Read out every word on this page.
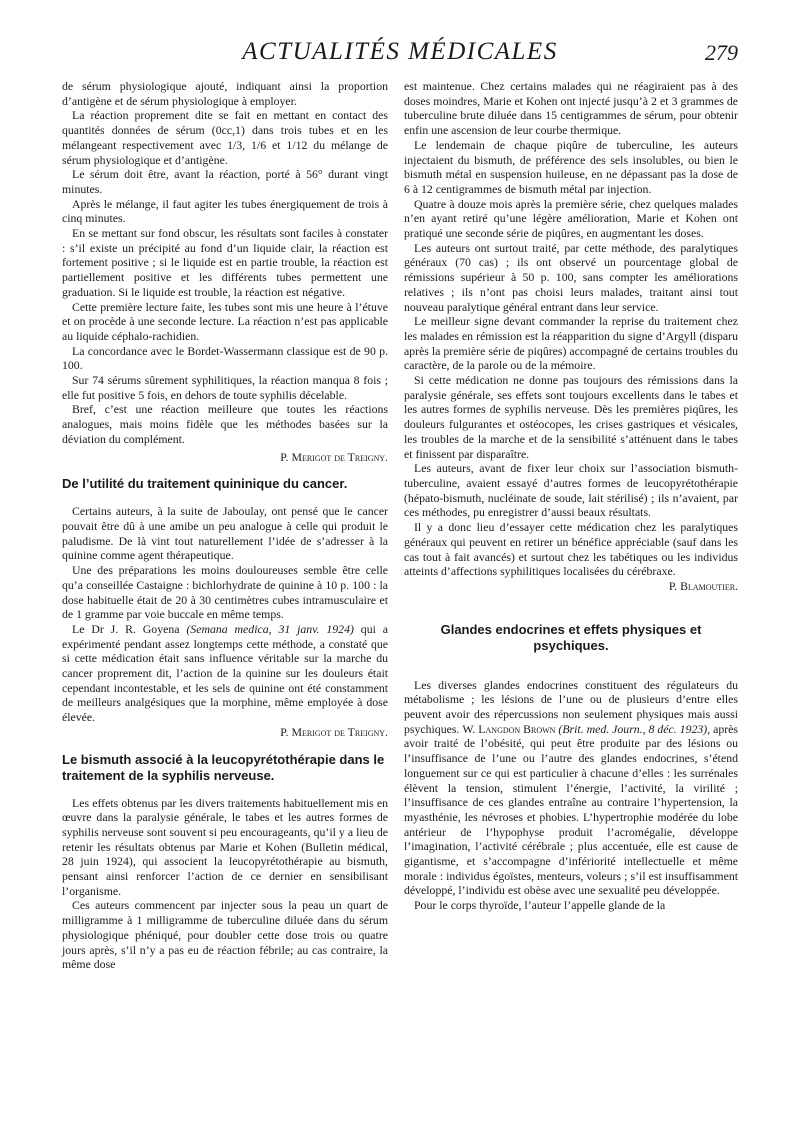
ACTUALITÉS MÉDICALES	279

de sérum physiologique ajouté, indiquant ainsi la proportion d’antigène et de sérum physiologique à employer.

La réaction proprement dite se fait en mettant en contact des quantités données de sérum (0cc,1) dans trois tubes et en les mélangeant respectivement avec 1/3, 1/6 et 1/12 du mélange de sérum physiologique et d’antigène.

Le sérum doit être, avant la réaction, porté à 56° durant vingt minutes.

Après le mélange, il faut agiter les tubes énergiquement de trois à cinq minutes.

En se mettant sur fond obscur, les résultats sont faciles à constater : s’il existe un précipité au fond d’un liquide clair, la réaction est fortement positive ; si le liquide est en partie trouble, la réaction est partiellement positive et les différents tubes permettent une graduation. Si le liquide est trouble, la réaction est négative.

Cette première lecture faite, les tubes sont mis une heure à l’étuve et on procède à une seconde lecture. La réaction n’est pas applicable au liquide céphalo-rachidien.

La concordance avec le Bordet-Wassermann classique est de 90 p. 100.

Sur 74 sérums sûrement syphilitiques, la réaction manqua 8 fois ; elle fut positive 5 fois, en dehors de toute syphilis décelable.

Bref, c’est une réaction meilleure que toutes les réactions analogues, mais moins fidèle que les méthodes basées sur la déviation du complément.

P. Merigot de Treigny.

De l’utilité du traitement quininique du cancer.

Certains auteurs, à la suite de Jaboulay, ont pensé que le cancer pouvait être dû à une amibe un peu analogue à celle qui produit le paludisme. De là vint tout naturellement l’idée de s’adresser à la quinine comme agent thérapeutique.

Une des préparations les moins douloureuses semble être celle qu’a conseillée Castaigne : bichlorhydrate de quinine à 10 p. 100 : la dose habituelle était de 20 à 30 centimètres cubes intramusculaire et de 1 gramme par voie buccale en même temps.

Le Dr J. R. Goyena (Semana medica, 31 janv. 1924) qui a expérimenté pendant assez longtemps cette méthode, a constaté que si cette médication était sans influence véritable sur la marche du cancer proprement dit, l’action de la quinine sur les douleurs était cependant incontestable, et les sels de quinine ont été constamment de meilleurs analgésiques que la morphine, même employée à dose élevée.

P. Merigot de Treigny.

Le bismuth associé à la leucopyrétothérapie dans le traitement de la syphilis nerveuse.

Les effets obtenus par les divers traitements habituellement mis en œuvre dans la paralysie générale, le tabes et les autres formes de syphilis nerveuse sont souvent si peu encourageants, qu’il y a lieu de retenir les résultats obtenus par Marie et Kohen (Bulletin médical, 28 juin 1924), qui associent la leucopyrétothérapie au bismuth, pensant ainsi renforcer l’action de ce dernier en sensibilisant l’organisme.

Ces auteurs commencent par injecter sous la peau un quart de milligramme à 1 milligramme de tuberculine diluée dans du sérum physiologique phéniqué, pour doubler cette dose trois ou quatre jours après, s’il n’y a pas eu de réaction fébrile; au cas contraire, la même dose

est maintenue. Chez certains malades qui ne réagiraient pas à des doses moindres, Marie et Kohen ont injecté jusqu’à 2 et 3 grammes de tuberculine brute diluée dans 15 centigrammes de sérum, pour obtenir enfin une ascension de leur courbe thermique.

Le lendemain de chaque piqûre de tuberculine, les auteurs injectaient du bismuth, de préférence des sels insolubles, ou bien le bismuth métal en suspension huileuse, en ne dépassant pas la dose de 6 à 12 centigrammes de bismuth métal par injection.

Quatre à douze mois après la première série, chez quelques malades n’en ayant retiré qu’une légère amélioration, Marie et Kohen ont pratiqué une seconde série de piqûres, en augmentant les doses.

Les auteurs ont surtout traité, par cette méthode, des paralytiques généraux (70 cas) ; ils ont observé un pourcentage global de rémissions supérieur à 50 p. 100, sans compter les améliorations relatives ; ils n’ont pas choisi leurs malades, traitant ainsi tout nouveau paralytique général entrant dans leur service.

Le meilleur signe devant commander la reprise du traitement chez les malades en rémission est la réapparition du signe d’Argyll (disparu après la première série de piqûres) accompagné de certains troubles du caractère, de la parole ou de la mémoire.

Si cette médication ne donne pas toujours des rémissions dans la paralysie générale, ses effets sont toujours excellents dans le tabes et les autres formes de syphilis nerveuse. Dès les premières piqûres, les douleurs fulgurantes et ostéocopes, les crises gastriques et vésicales, les troubles de la marche et de la sensibilité s’atténuent dans le tabes et finissent par disparaître.

Les auteurs, avant de fixer leur choix sur l’association bismuth-tuberculine, avaient essayé d’autres formes de leucopyrétothérapie (hépato-bismuth, nucléinate de soude, lait stérilisé) ; ils n’avaient, par ces méthodes, pu enregistrer d’aussi beaux résultats.

Il y a donc lieu d’essayer cette médication chez les paralytiques généraux qui peuvent en retirer un bénéfice appréciable (sauf dans les cas tout à fait avancés) et surtout chez les tabétiques ou les individus atteints d’affections syphilitiques localisées du cérébraxe.

P. Blamoutier.

Glandes endocrines et effets physiques et psychiques.

Les diverses glandes endocrines constituent des régulateurs du métabolisme ; les lésions de l’une ou de plusieurs d’entre elles peuvent avoir des répercussions non seulement physiques mais aussi psychiques. W. Langdon Brown (Brit. med. Journ., 8 déc. 1923), après avoir traité de l’obésité, qui peut être produite par des lésions ou l’insuffisance de l’une ou l’autre des glandes endocrines, s’étend longuement sur ce qui est particulier à chacune d’elles : les surrénales élèvent la tension, stimulent l’énergie, l’activité, la virilité ; l’insuffisance de ces glandes entraîne au contraire l’hypertension, la myasthénie, les névroses et phobies. L’hypertrophie modérée du lobe antérieur de l’hypophyse produit l’acromégalie, développe l’imagination, l’activité cérébrale ; plus accentuée, elle est cause de gigantisme, et s’accompagne d’infériorité intellectuelle et même morale : individus égoïstes, menteurs, voleurs ; s’il est insuffisamment développé, l’individu est obèse avec une sexualité peu développée.

Pour le corps thyroïde, l’auteur l’appelle glande de la
